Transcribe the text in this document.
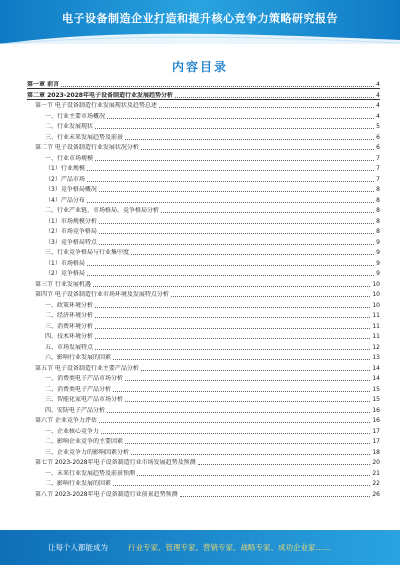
电子设备制造企业打造和提升核心竞争力策略研究报告
内容目录
第一章 前言	4
第二章 2023-2028年电子设备制造行业发展趋势分析	4
第一节 电子设备制造行业发展现状及趋势总述	4
一、行业主要市场概况	4
二、行业发展现状	5
三、行业未来发展趋势及前景	6
第二节 电子设备制造行业发展状况分析	6
一、行业市场规模	7
（1）行业规模	7
（2）产品市场	7
（3）竞争格局概况	8
（4）产品分布	8
二、行业产业链、市场格局、竞争格局分析	8
（1）市场规模分析	8
（2）市场竞争格局	8
（3）竞争格局特点	9
三、行业竞争格局与行业集中度	9
（1）市场格局	9
（2）竞争格局	9
第三节 行业发展机遇	10
第四节 电子设备制造行业市场环境及发展特点分析	10
一、政策环境分析	10
二、经济环境分析	11
三、消费环境分析	11
四、技术环境分析	11
五、市场发展特点	12
六、影响行业发展的因素	13
第五节 电子设备制造行业主要产品分析	14
一、消费类电子产品市场分析	14
二、消费类电子产品分析	15
三、智能化家电产品市场分析	15
四、安防电子产品分析	16
第六节 企业竞争力评估	16
一、企业核心竞争力	17
二、影响企业竞争的主要因素	17
三、企业竞争力的影响因素分析	18
第七节 2023-2028年电子设备制造行业市场发展趋势及预测	20
一、未来行业发展趋势及前景预测	21
二、影响行业发展的因素	22
第八节 2023-2028年电子设备制造行业前景趋势预测	26
让每个人都能成为	行业专家、管理专家、营销专家、战略专家、成功企业家……
